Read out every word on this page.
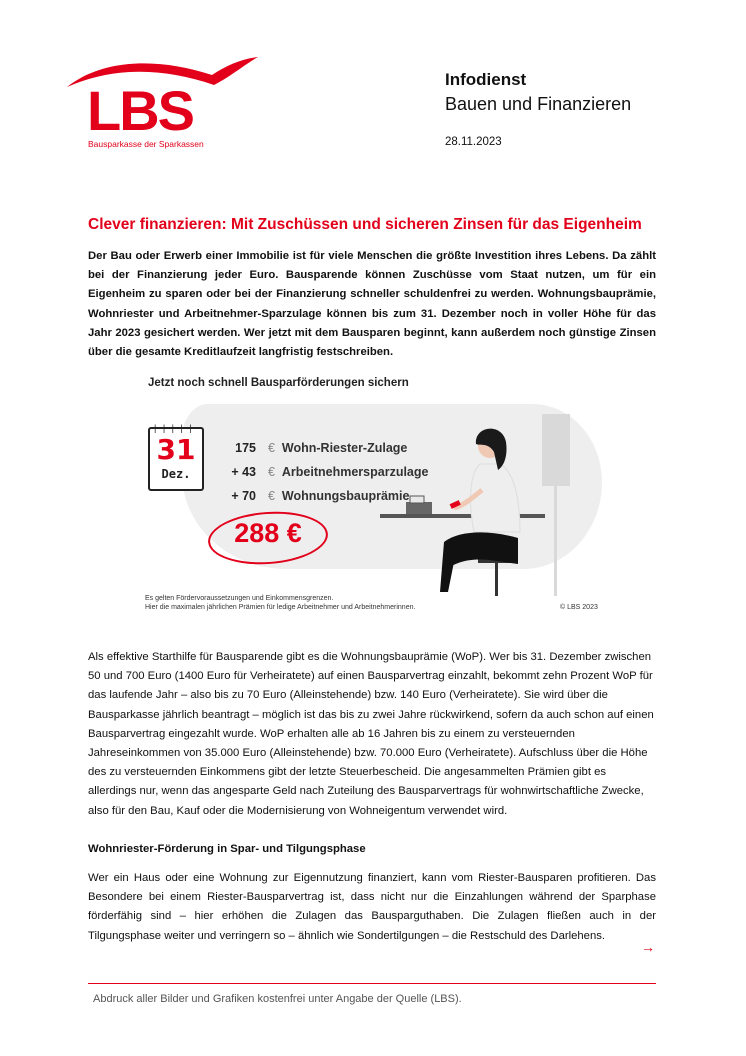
LBS
Bausparkasse der Sparkassen
Infodienst
Bauen und Finanzieren
28.11.2023
Clever finanzieren: Mit Zuschüssen und sicheren Zinsen für das Eigenheim
Der Bau oder Erwerb einer Immobilie ist für viele Menschen die größte Investition ihres Lebens. Da zählt bei der Finanzierung jeder Euro. Bausparende können Zuschüsse vom Staat nutzen, um für ein Eigenheim zu sparen oder bei der Finanzierung schneller schuldenfrei zu werden. Wohnungsbauprämie, Wohnriester und Arbeitnehmer-Sparzulage können bis zum 31. Dezember noch in voller Höhe für das Jahr 2023 gesichert werden. Wer jetzt mit dem Bausparen beginnt, kann außerdem noch günstige Zinsen über die gesamte Kreditlaufzeit langfristig festschreiben.
Jetzt noch schnell Bausparförderungen sichern
| | | | |
31
Dez.
175 € Wohn-Riester-Zulage
+ 43 € Arbeitnehmersparzulage
+ 70 € Wohnungsbauprämie
288 €
Es gelten Fördervoraussetzungen und Einkommensgrenzen.
Hier die maximalen jährlichen Prämien für ledige Arbeitnehmer und Arbeitnehmerinnen.	© LBS 2023
Als effektive Starthilfe für Bausparende gibt es die Wohnungsbauprämie (WoP). Wer bis 31. Dezember zwischen 50 und 700 Euro (1400 Euro für Verheiratete) auf einen Bausparvertrag einzahlt, bekommt zehn Prozent WoP für das laufende Jahr – also bis zu 70 Euro (Alleinstehende) bzw. 140 Euro (Verheiratete). Sie wird über die Bausparkasse jährlich beantragt – möglich ist das bis zu zwei Jahre rückwirkend, sofern da auch schon auf einen Bausparvertrag eingezahlt wurde. WoP erhalten alle ab 16 Jahren bis zu einem zu versteuernden Jahreseinkommen von 35.000 Euro (Alleinstehende) bzw. 70.000 Euro (Verheiratete). Aufschluss über die Höhe des zu versteuernden Einkommens gibt der letzte Steuerbescheid. Die angesammelten Prämien gibt es allerdings nur, wenn das angesparte Geld nach Zuteilung des Bausparvertrags für wohnwirtschaftliche Zwecke, also für den Bau, Kauf oder die Modernisierung von Wohneigentum verwendet wird.
Wohnriester-Förderung in Spar- und Tilgungsphase
Wer ein Haus oder eine Wohnung zur Eigennutzung finanziert, kann vom Riester-Bausparen profitieren. Das Besondere bei einem Riester-Bausparvertrag ist, dass nicht nur die Einzahlungen während der Sparphase förderfähig sind – hier erhöhen die Zulagen das Bausparguthaben. Die Zulagen fließen auch in der Tilgungsphase weiter und verringern so – ähnlich wie Sondertilgungen – die Restschuld des Darlehens.
→
Abdruck aller Bilder und Grafiken kostenfrei unter Angabe der Quelle (LBS).
